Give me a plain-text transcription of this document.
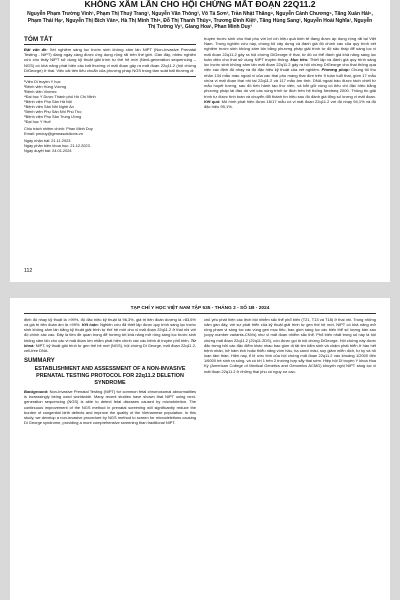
KHÔNG XÂM LẤN CHO HỘI CHỨNG MẤT ĐOẠN 22Q11.2
Nguyễn Phạm Trường Vinh¹, Phạm Thị Thuý Trang¹, Nguyễn Văn Thông², Võ Tá Sơn³, Trần Nhật Thăng⁴, Nguyễn Cảnh Chương⁵, Tăng Xuân Hải⁶, Phạm Thái Hạ⁷, Nguyễn Thị Bích Vân⁸, Hà Thị Minh Thi⁸, Đỗ Thị Thanh Thủy⁹, Trương Đình Kiệt¹, Tăng Hùng Sang¹, Nguyễn Hoài Nghĩa¹, Nguyễn Thị Tường Vy¹, Giang Hoa¹, Phan Minh Duy¹
TÓM TẮT

Đặt vấn đề: Xét nghiệm sàng lọc trước sinh không xâm lấn NIPT (Non-Invasive Prenatal Testing - NIPT) đang ngày càng được ứng dụng rộng rãi trên thế giới. Gần đây, nhiều nghiên cứu cho thấy NIPT sử dụng kỹ thuật giải trình tự thế hệ mới (Next-generation sequencing – NGS) có khả năng phát hiện các bất thường vi mất đoạn gây ra mất đoạn 22q11.2 (hội chứng DiGeorge) ở thai. Việc cải tiến tiêu chuẩn của phương pháp NGS trong tầm soát bất thường di

¹Viện Di truyền Y học
²Bệnh viện Hùng Vương
³Bệnh viện Vinmec
⁴Đại học Y Dược Thành phố Hồ Chí Minh
⁵Bệnh viện Phụ Sản Hà Nội
⁶Bệnh viện Sản Nhi Nghệ An
⁷Bệnh viện Phụ Sản Nhi Phú Thọ
⁸Bệnh viện Phụ Sản Trung Ương
⁹Đại học Y Huế
Chịu trách nhiệm chính: Phan Minh Duy
Email: pmduy@geneasolutions.vn
Ngày nhận bài: 21.11.2023
Ngày phản biện khoa học: 21.12.2023
Ngày duyệt bài: 24.01.2024

truyền trước sinh cho thai phụ với lợi ích hiệu quả kinh tế đang được áp dụng rộng rãi tại Việt Nam. Trong nghiên cứu này, chúng tôi xây dựng và đánh giá độ chính xác của quy trình xét nghiệm trước sinh không xâm lấn bằng phương pháp giải trình tự độ sâu thấp để sàng lọc vi mất đoạn 22q11.2 gây ra hội chứng DiGeorge ở thai, từ đó có thể đánh giá khả năng sàng lọc toàn diện cho thai sử dụng NIPT truyền thống. Mục tiêu: Thiết lập và đánh giá quy trình sàng lọc trước sinh không xâm lấn mất đoạn 22q11.2 gây ra hội chứng DiGeorge cho thai thông qua việc xác định độ nhạy và độ đặc hiệu kỹ thuật của xét nghiệm. Phương pháp: Chúng tôi thu nhận 134 mẫu máu ngoại vi của các thai phụ mang thai đơn trên 9 tuần tuổi thai, gồm 17 mẫu chứa vi mất đoạn thai nhi tại 22q11.2 và 117 mẫu âm tính. DNA ngoại bào được tách chiết từ mẫu huyết tương, sau đó tiến hành tạo thư viện, và bắt giữ vùng có tiêu chí đặc hiệu bằng phương pháp lai đầu dò với các vùng trình tự đích trên hệ thống Nextseq 2000. Thông tin giải trình tự được tính toán và chuyển đổi thành tín hiệu sau đó đánh giá tổng số lượng vi mất đoạn. Kết quả: Mô hình phát hiện được 16/17 mẫu có vi mất đoạn 22q11.2 với độ nhạy 94,1% và độ đặc hiệu 99,1%.

112
TẠP CHÍ Y HỌC VIỆT NAM TẬP 535 - THÁNG 2 - SỐ 1B - 2024

định độ nhạy kỹ thuật là >99%, độ đặc hiệu kỹ thuật là 96,3%, giá trị tiên đoán dương là >83,6% và giá trị tiên đoán âm là >99%. Kết luận: Nghiên cứu đã thiết lập được quy trình sàng lọc trước sinh không xâm lấn bằng kỹ thuật giải trình tự thế hệ mới cho vi mất đoạn 22q11.2 ở thai nhi với độ chính xác cao. Đây là tiền đề quan trọng để hướng tới khả năng mở rộng sàng lọc trước sinh không xâm lấn cho các vi mất đoạn lớn nhằm phát hiện chính xác các bệnh di truyền phổ biến. Từ khoá: NIPT, kỹ thuật giải trình tự gen thế hệ mới (NGS), hội chứng Di George, mất đoạn 22q11.2, cell-free DNA.

SUMMARY
ESTABLISHMENT AND ASSESSMENT OF A NON-INVASIVE PRENATAL TESTING PROTOCOL FOR 22q11.2 DELETION SYNDROME

Background: Non-Invasive Prenatal Testing (NIPT) for common fetal chromosomal abnormalities is increasingly being used worldwide. Many recent studies have shown that NIPT using next-generation sequencing (NGS) is able to detect fetal diseases caused by microdeletion. The continuous improvement of the NGS method in prenatal screening will significantly reduce the burden of congenital birth defects and improve the quality of the Vietnamese population. In this study, we develop a non-invasive procedure by NGS method to screen for microdeletions causing Di George syndrome, providing a more comprehensive screening than traditional NIPT.

chủ yếu phát hiện các lệch bội nhiễm sắc thể phổ biến (T21, T13 và T18) ở thai nhi. Trong những năm gần đây, với sự phát triển của kỹ thuật giải trình tự gen thế hệ mới, NIPT có khả năng mở rộng phạm vi sàng lọc các vùng gen mục tiêu, bao gồm sàng lọc các biến thể số lượng bản sao (copy number variants-CNVs) như vi mất đoạn nhiễm sắc thể. Phổ biến nhất trong số này là hội chứng mất đoạn 22q11.2 (22q11.2DS), còn được gọi là hội chứng DiGeorge. Hội chứng này được đặc trưng bởi các đặc điểm khác nhau bao gồm dị tật tim bẩm sinh và chậm phát triển ở hầu hết bệnh nhân, hở hàm ếch hoặc thiểu năng vòm hầu, hạ canxi máu, suy giảm miễn dịch, tự kỷ và rối loạn tâm thần. Hiện nay, tỉ lệ ước tính của hội chứng mất đoạn 22q11.2 vào khoảng 1/2000 đến 1/6000 trẻ sinh ra sống, và có tới 1 trên 2 trường hợp sẩy thai sớm. Hiệp hội Di truyền Y khoa Hoa Kỳ (American College of Medical Genetics and Genomics ACMG) khuyến nghị NIPT sàng lọc vi mất đoạn 22q11.2 ở những thai phụ có nguy cơ cao.
